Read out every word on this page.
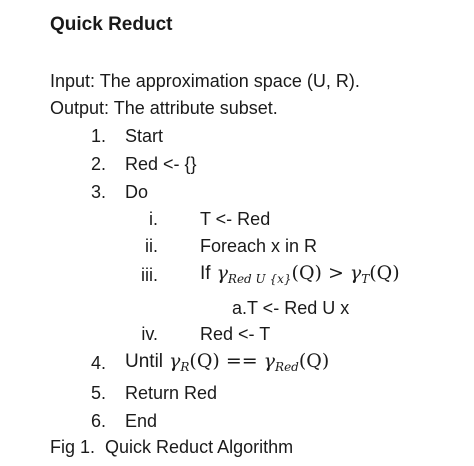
Quick Reduct
Input: The approximation space (U, R).
Output: The attribute subset.
1. Start
2. Red <- {}
3. Do
i. T <- Red
ii. Foreach x in R
iii. If $\gamma_{Red U \{x\}}(Q) > \gamma_T(Q)$
a.T <- Red U x
iv. Red <- T
4. Until $\gamma_R(Q) == \gamma_{Red}(Q)$
5. Return Red
6. End
Fig 1.  Quick Reduct Algorithm
